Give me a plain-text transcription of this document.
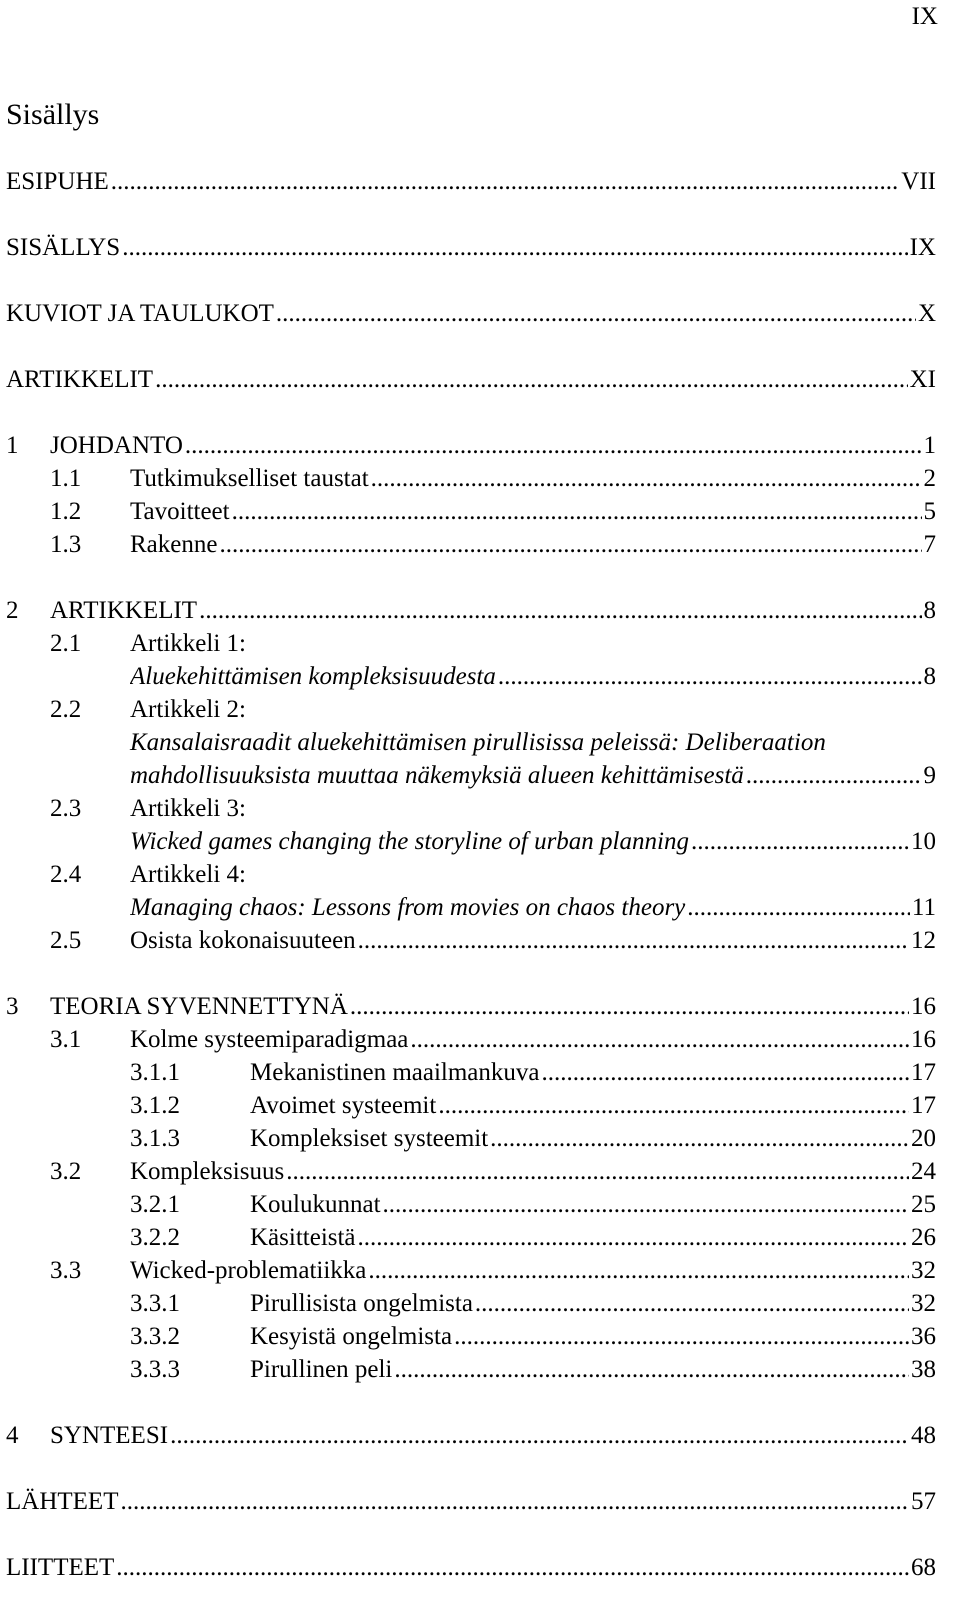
IX
Sisällys
ESIPUHE .....	VII
SISÄLLYS .....	IX
KUVIOT JA TAULUKOT .....	X
ARTIKKELIT .....	XI
1 JOHDANTO .....	1
1.1 Tutkimukselliset taustat .....	2
1.2 Tavoitteet .....	5
1.3 Rakenne .....	7
2 ARTIKKELIT .....	8
2.1 Artikkeli 1:
Aluekehittämisen kompleksisuudesta .....	8
2.2 Artikkeli 2:
Kansalaisraadit aluekehittämisen pirullisissa peleissä: Deliberaation
mahdollisuuksista muuttaa näkemyksiä alueen kehittämisestä .....	9
2.3 Artikkeli 3:
Wicked games changing the storyline of urban planning .....	10
2.4 Artikkeli 4:
Managing chaos: Lessons from movies on chaos theory .....	11
2.5 Osista kokonaisuuteen .....	12
3 TEORIA SYVENNETTYNÄ .....	16
3.1 Kolme systeemiparadigmaa .....	16
3.1.1	Mekanistinen maailmankuva .....	17
3.1.2	Avoimet systeemit .....	17
3.1.3	Kompleksiset systeemit .....	20
3.2 Kompleksisuus .....	24
3.2.1	Koulukunnat .....	25
3.2.2	Käsitteistä .....	26
3.3 Wicked-problematiikka .....	32
3.3.1	Pirullisista ongelmista .....	32
3.3.2	Kesyistä ongelmista .....	36
3.3.3	Pirullinen peli .....	38
4 SYNTEESI .....	48
LÄHTEET .....	57
LIITTEET .....	68
